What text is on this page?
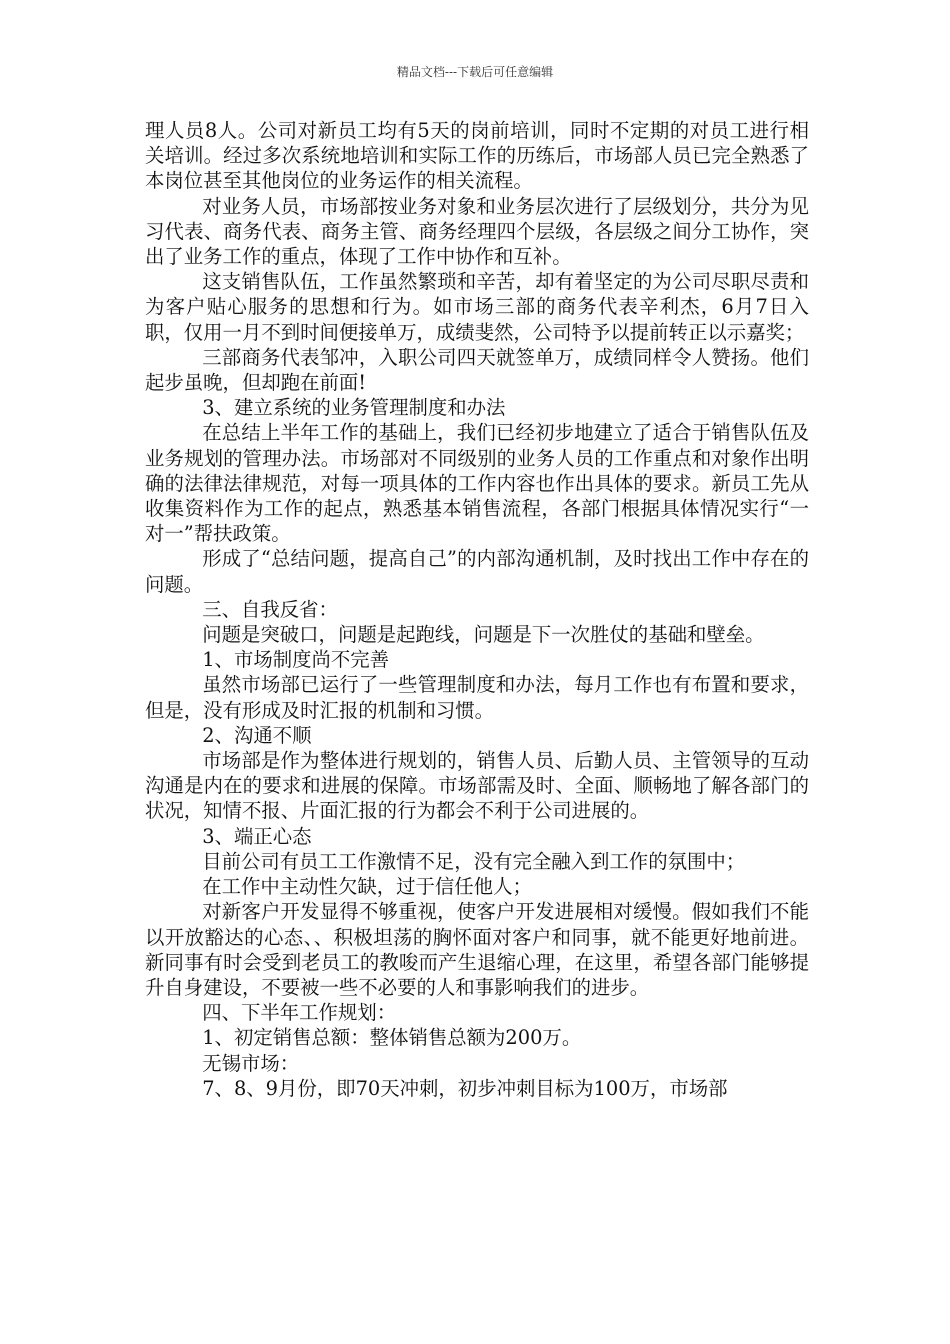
精品文档---下载后可任意编辑

理人员8人。公司对新员工均有5天的岗前培训，同时不定期的对员工进行相关培训。经过多次系统地培训和实际工作的历练后，市场部人员已完全熟悉了本岗位甚至其他岗位的业务运作的相关流程。

对业务人员，市场部按业务对象和业务层次进行了层级划分，共分为见习代表、商务代表、商务主管、商务经理四个层级，各层级之间分工协作，突出了业务工作的重点，体现了工作中协作和互补。

这支销售队伍，工作虽然繁琐和辛苦，却有着坚定的为公司尽职尽责和为客户贴心服务的思想和行为。如市场三部的商务代表辛利杰，6月7日入职，仅用一月不到时间便接单万，成绩斐然，公司特予以提前转正以示嘉奖；

三部商务代表邹冲，入职公司四天就签单万，成绩同样令人赞扬。他们起步虽晚，但却跑在前面!

3、建立系统的业务管理制度和办法

在总结上半年工作的基础上，我们已经初步地建立了适合于销售队伍及业务规划的管理办法。市场部对不同级别的业务人员的工作重点和对象作出明确的法律法律规范，对每一项具体的工作内容也作出具体的要求。新员工先从收集资料作为工作的起点，熟悉基本销售流程，各部门根据具体情况实行“一对一”帮扶政策。

形成了“总结问题，提高自己”的内部沟通机制，及时找出工作中存在的问题。

三、自我反省：

问题是突破口，问题是起跑线，问题是下一次胜仗的基础和壁垒。

1、市场制度尚不完善

虽然市场部已运行了一些管理制度和办法，每月工作也有布置和要求，但是，没有形成及时汇报的机制和习惯。

2、沟通不顺

市场部是作为整体进行规划的，销售人员、后勤人员、主管领导的互动沟通是内在的要求和进展的保障。市场部需及时、全面、顺畅地了解各部门的状况，知情不报、片面汇报的行为都会不利于公司进展的。

3、端正心态

目前公司有员工工作激情不足，没有完全融入到工作的氛围中；

在工作中主动性欠缺，过于信任他人；

对新客户开发显得不够重视，使客户开发进展相对缓慢。假如我们不能以开放豁达的心态、、积极坦荡的胸怀面对客户和同事，就不能更好地前进。新同事有时会受到老员工的教唆而产生退缩心理，在这里，希望各部门能够提升自身建设，不要被一些不必要的人和事影响我们的进步。

四、下半年工作规划：

1、初定销售总额：整体销售总额为200万。

无锡市场：

7、8、9月份，即70天冲刺，初步冲刺目标为100万，市场部
